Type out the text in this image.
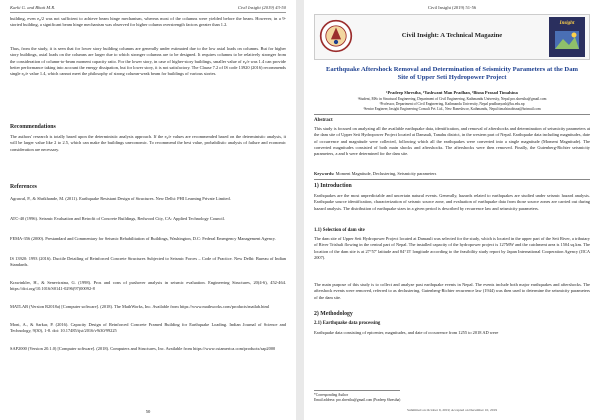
Karki G. and Bhatt M.R.	Civil Insight (2019) 43-50

building, even e₀/2 was not sufficient to achieve beam hinge mechanism, whereas most of the columns were yielded before the beam. However, in a 9-storied building, a significant beam hinge mechanism was observed for higher column overstrength factors greater than 1.2.

Thus, from the study, it is seen that for lower story building columns are generally under estimated due to the low axial loads on columns. But for higher story buildings, axial loads on the columns are larger due to which stronger columns are to be designed. It requires columns to be relatively stronger from the consideration of column-to-beam moment capacity ratio. For the lower story, in case of higher-story buildings, smaller value of e₀/e was 1.4 can provide better performance taking into account the energy dissipation, but for lower story, it is not satisfactory. The Clause 7.2 of IS code 13920 (2016) recommends single e₀/e value 1.4, which cannot meet the philosophy of strong column-weak beam for buildings of various stories.

Recommendations

The authors' research is totally based upon the deterministic analysis approach. If the e₀/e values are recommended based on the deterministic analysis, it will be larger value like 2 to 2.5, which can make the buildings uneconomic. To recommend the best value, probabilistic analysis of failure and economic consideration are necessary.

References

Agrawal, P., & Shrikhande, M. (2011). Earthquake Resistant Design of Structures. New Delhi: PHI Learning Private Limited.

ATC-40 (1996). Seismic Evaluation and Retrofit of Concrete Buildings, Redwood City, CA: Applied Technology Council.

FEMA-356 (2000). Prestandard and Commentary for Seismic Rehabilitation of Buildings, Washington, D.C: Federal Emergency Management Agency.

IS 13920: 1993 (2016). Ductile Detailing of Reinforced Concrete Structures Subjected to Seismic Forces – Code of Practice. New Delhi: Bureau of Indian Standards.

Krawinkler, H., & Seneviratna, G. (1998). Pros and cons of pushover analysis in seismic evaluation. Engineering Structures, 20(4-6), 452-464. https://doi.org/10.1016/S0141-0296(97)00092-8

MATLAB (Version R2018a) [Computer software]. (2018). The MathWorks, Inc. Available from https://www.mathworks.com/products/matlab.html

Moni, A., & Sarkar, P. (2016). Capacity Design of Reinforced Concrete Framed Building for Earthquake Loading. Indian Journal of Science and Technology, 9(30), 1-8. doi: 10.17485/ijst/2016/v9i30/99225

SAP2000 (Version 20.1.0) [Computer software]. (2018). Computers and Structures, Inc. Available from https://www.csiamerica.com/products/sap2000

50
Civil Insight (2019) 51-56
Civil Insight: A Technical Magazine
Insight
Earthquake Aftershock Removal and Determination of Seismicity Parameters at the Dam Site of Upper Seti Hydropower Project
¹Pradeep Shrestha, ²Yashwant Man Pradhan, ³Bisna Prasad Timalsina
¹Student, MSc in Structural Engineering, Department of Civil Engineering, Kathmandu University, Nepal pro.shrestha@gmail.com
²Professor, Department of Civil Engineering, Kathmandu University, Nepal pradhanyash@ku.edu.np
³Senior Engineer, Insight Engineering Consult Pvt. Ltd., New Baneshwor, Kathmandu, Nepal timalsinabisna@hotmail.com
Abstract

This study is focused on analyzing all the available earthquake data, identification, and removal of aftershocks and determination of seismicity parameters at the dam site of Upper Seti Hydropower Project located at Damauli, Tanahu district, in the western part of Nepal. Earthquake data including magnitudes, date of occurrence and magnitude were collected, following which all the earthquakes were converted into a single magnitude (Moment Magnitude). The converted magnitudes consisted of both main shocks and aftershocks. The aftershocks were then removed. Finally, the Gutenberg-Richter seismicity parameters, a and b were determined for the dam site.

Keywords: Moment Magnitude, Declustering, Seismicity parameters
1) Introduction

Earthquakes are the most unpredictable and uncertain natural events. Generally, hazards related to earthquakes are studied under seismic hazard analysis. Earthquake source identification, characterization of seismic source zone, and evaluation of earthquake data from those source zones are carried out during hazard analysis. The distribution of earthquake sizes in a given period is described by recurrence law and seismicity parameters.

1.1) Selection of dam site

The dam site of Upper Seti Hydropower Project located at Damauli was selected for the study, which is located in the upper part of the Seti River, a tributary of River Trishuli flowing in the central part of Nepal. The installed capacity of the hydropower project is 127MW and the catchment area is 1504 sq.km. The location of the dam site is at 27°57' latitude and 84°15' longitude according to the feasibility study report by Japan International Cooperation Agency (JICA 2007).

The main purpose of this study is to collect and analyze past earthquake events in Nepal. The events include both major earthquakes and aftershocks. The aftershock events were removed, referred to as declustering. Gutenberg-Richter recurrence law (1944) was then used to determine the seismicity parameters of the dam site.

2) Methodology
2.1) Earthquake data processing

Earthquake data consisting of epicenter, magnitudes, and date of occurrence from 1255 to 2018 AD were

*Corresponding Author
Email address: pro.shrestha@gmail.com (Pradeep Shrestha)
Submitted on October 9, 2019; Accepted on December 10, 2019
